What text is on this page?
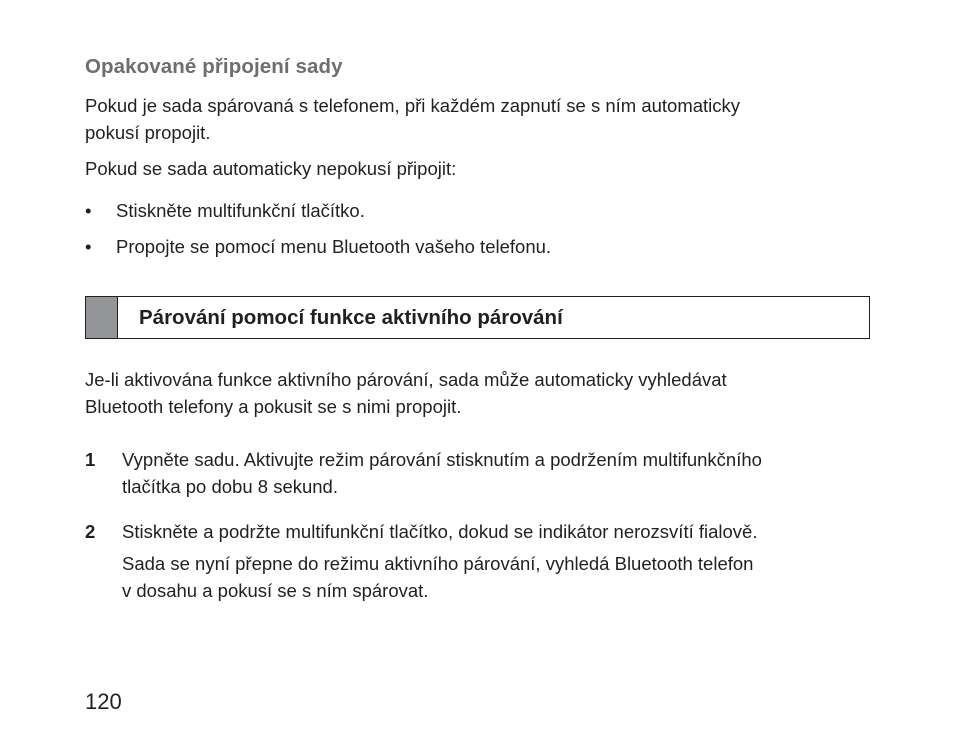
Opakované připojení sady
Pokud je sada spárovaná s telefonem, při každém zapnutí se s ním automaticky
pokusí propojit.
Pokud se sada automaticky nepokusí připojit:
•	Stiskněte multifunkční tlačítko.
•	Propojte se pomocí menu Bluetooth vašeho telefonu.
Párování pomocí funkce aktivního párování
Je-li aktivována funkce aktivního párování, sada může automaticky vyhledávat
Bluetooth telefony a pokusit se s nimi propojit.
1 Vypněte sadu. Aktivujte režim párování stisknutím a podržením multifunkčního
tlačítka po dobu 8 sekund.
2 Stiskněte a podržte multifunkční tlačítko, dokud se indikátor nerozsvítí fialově.
Sada se nyní přepne do režimu aktivního párování, vyhledá Bluetooth telefon
v dosahu a pokusí se s ním spárovat.
120
